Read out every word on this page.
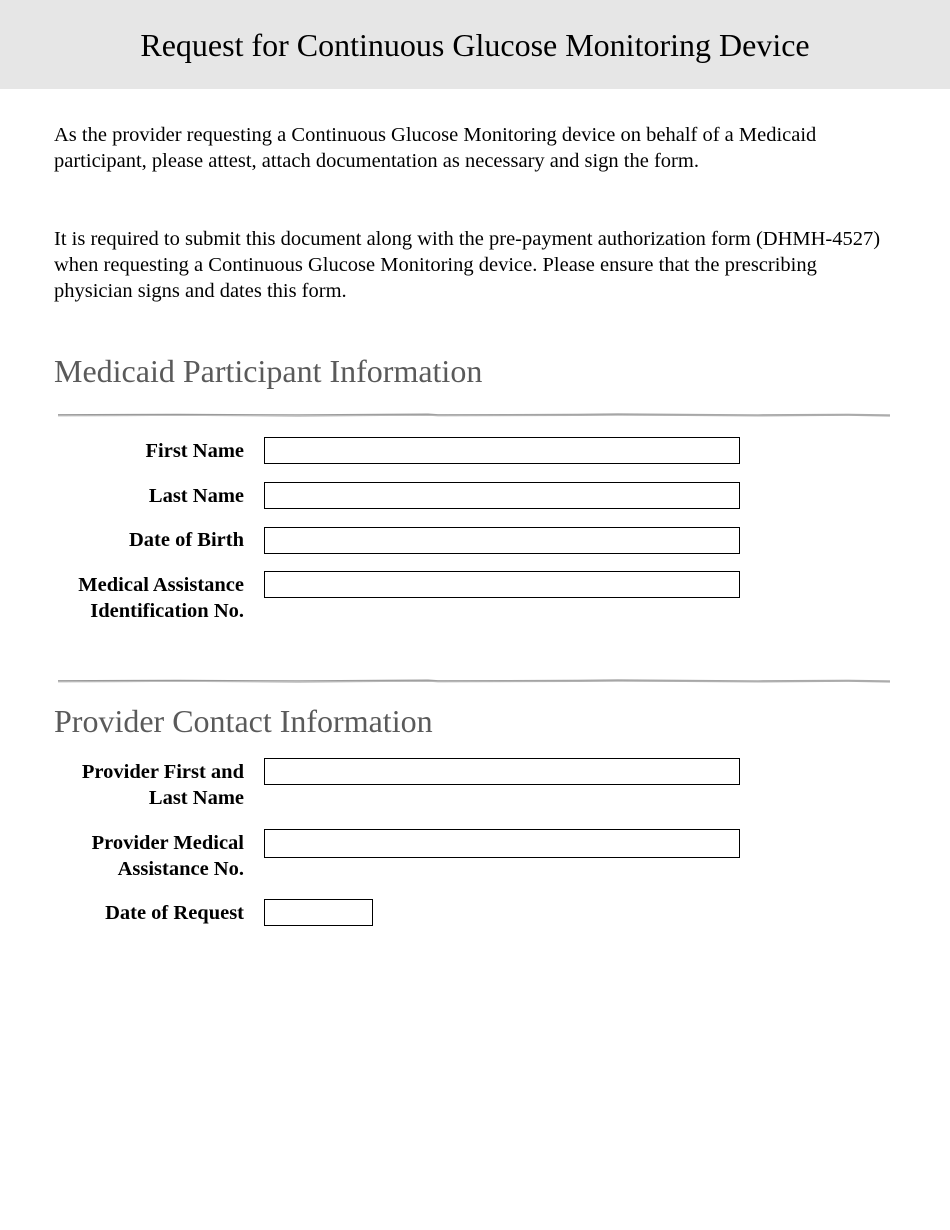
Request for Continuous Glucose Monitoring Device

As the provider requesting a Continuous Glucose Monitoring device on behalf of a Medicaid participant, please attest, attach documentation as necessary and sign the form.

It is required to submit this document along with the pre-payment authorization form (DHMH-4527) when requesting a Continuous Glucose Monitoring device. Please ensure that the prescribing physician signs and dates this form.

Medicaid Participant Information
First Name
Last Name
Date of Birth
Medical Assistance
Identification No.
Provider Contact Information
Provider First and
Last Name
Provider Medical
Assistance No.
Date of Request
